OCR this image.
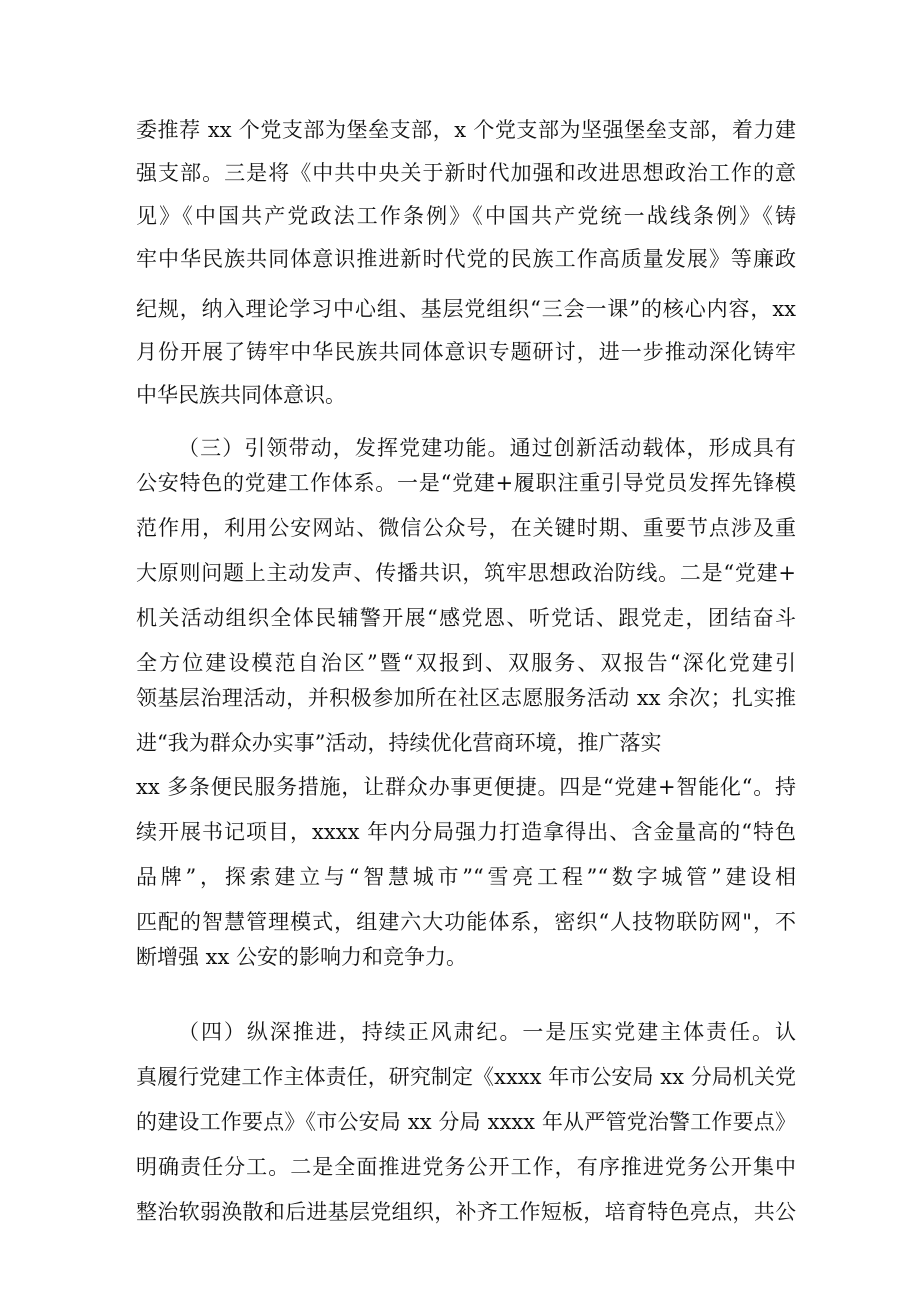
委推荐 xx 个党支部为堡垒支部，x 个党支部为坚强堡垒支部，着力建
强支部。三是将《中共中央关于新时代加强和改进思想政治工作的意
见》《中国共产党政法工作条例》《中国共产党统一战线条例》《铸
牢中华民族共同体意识推进新时代党的民族工作高质量发展》等廉政
纪规，纳入理论学习中心组、基层党组织“三会一课”的核心内容，xx
月份开展了铸牢中华民族共同体意识专题研讨，进一步推动深化铸牢
中华民族共同体意识。
（三）引领带动，发挥党建功能。通过创新活动载体，形成具有
公安特色的党建工作体系。一是“党建+履职注重引导党员发挥先锋模
范作用，利用公安网站、微信公众号，在关键时期、重要节点涉及重
大原则问题上主动发声、传播共识，筑牢思想政治防线。二是“党建+
机关活动组织全体民辅警开展“感党恩、听党话、跟党走，团结奋斗
全方位建设模范自治区”暨“双报到、双服务、双报告“深化党建引
领基层治理活动，并积极参加所在社区志愿服务活动 xx 余次；扎实推
进“我为群众办实事”活动，持续优化营商环境，推广落实
xx 多条便民服务措施，让群众办事更便捷。四是“党建+智能化“。持
续开展书记项目，xxxx 年内分局强力打造拿得出、含金量高的“特色
品牌”，探索建立与“智慧城市”“雪亮工程”“数字城管”建设相
匹配的智慧管理模式，组建六大功能体系，密织“人技物联防网"，不
断增强 xx 公安的影响力和竞争力。
（四）纵深推进，持续正风肃纪。一是压实党建主体责任。认
真履行党建工作主体责任，研究制定《xxxx 年市公安局 xx 分局机关党
的建设工作要点》《市公安局 xx 分局 xxxx 年从严管党治警工作要点》
明确责任分工。二是全面推进党务公开工作，有序推进党务公开集中
整治软弱涣散和后进基层党组织，补齐工作短板，培育特色亮点，共公
